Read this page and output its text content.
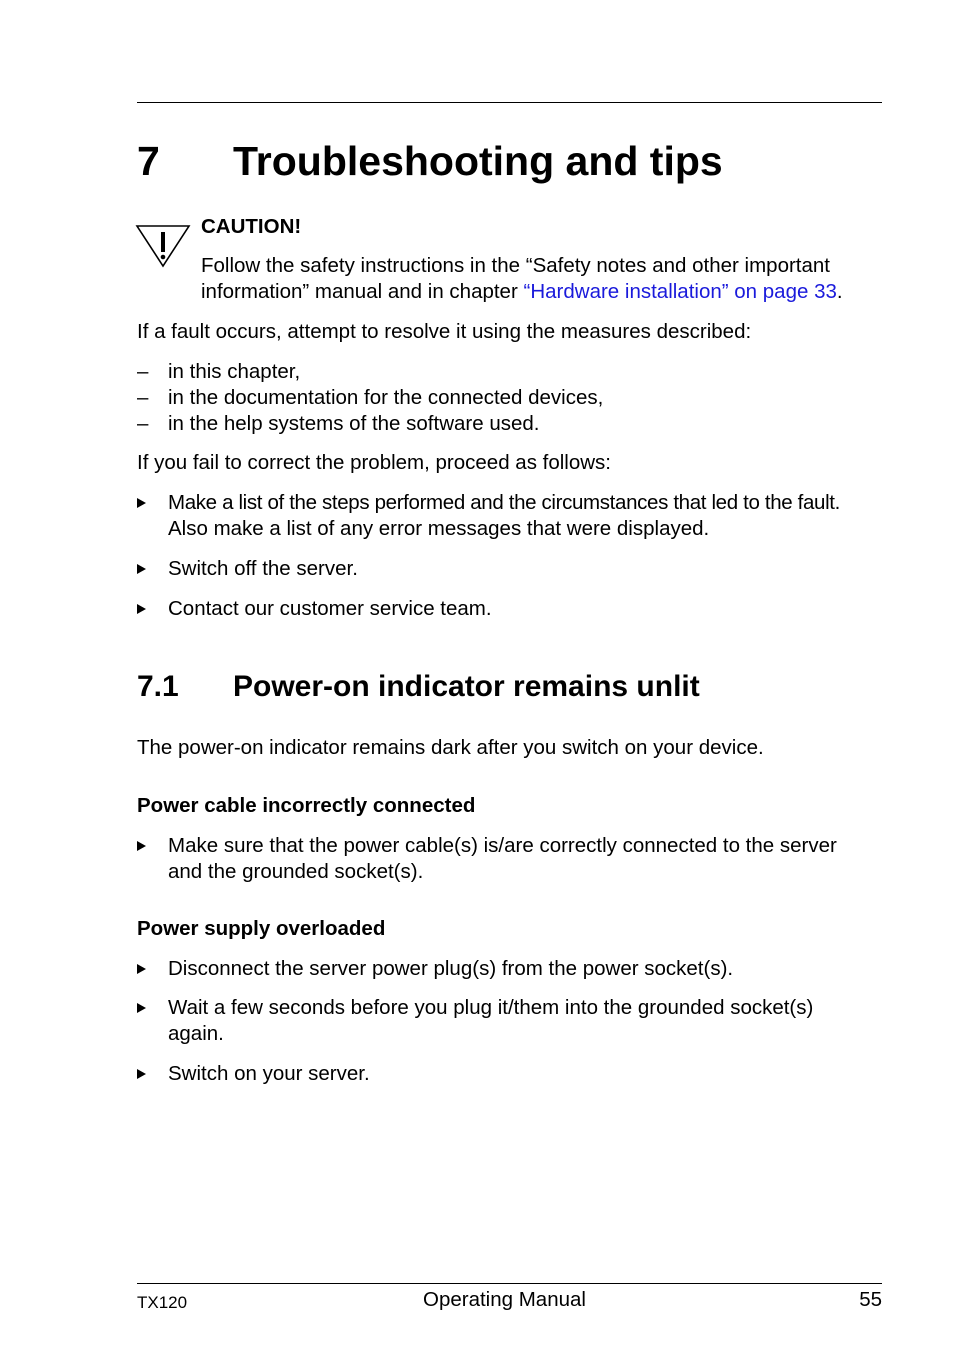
7 Troubleshooting and tips
CAUTION!
Follow the safety instructions in the “Safety notes and other important
information” manual and in chapter “Hardware installation” on page 33.
If a fault occurs, attempt to resolve it using the measures described:
– in this chapter,
– in the documentation for the connected devices,
– in the help systems of the software used.
If you fail to correct the problem, proceed as follows:
Make a list of the steps performed and the circumstances that led to the fault.
Also make a list of any error messages that were displayed.
Switch off the server.
Contact our customer service team.
7.1 Power-on indicator remains unlit
The power-on indicator remains dark after you switch on your device.
Power cable incorrectly connected
Make sure that the power cable(s) is/are correctly connected to the server
and the grounded socket(s).
Power supply overloaded
Disconnect the server power plug(s) from the power socket(s).
Wait a few seconds before you plug it/them into the grounded socket(s)
again.
Switch on your server.
TX120	Operating Manual	55
